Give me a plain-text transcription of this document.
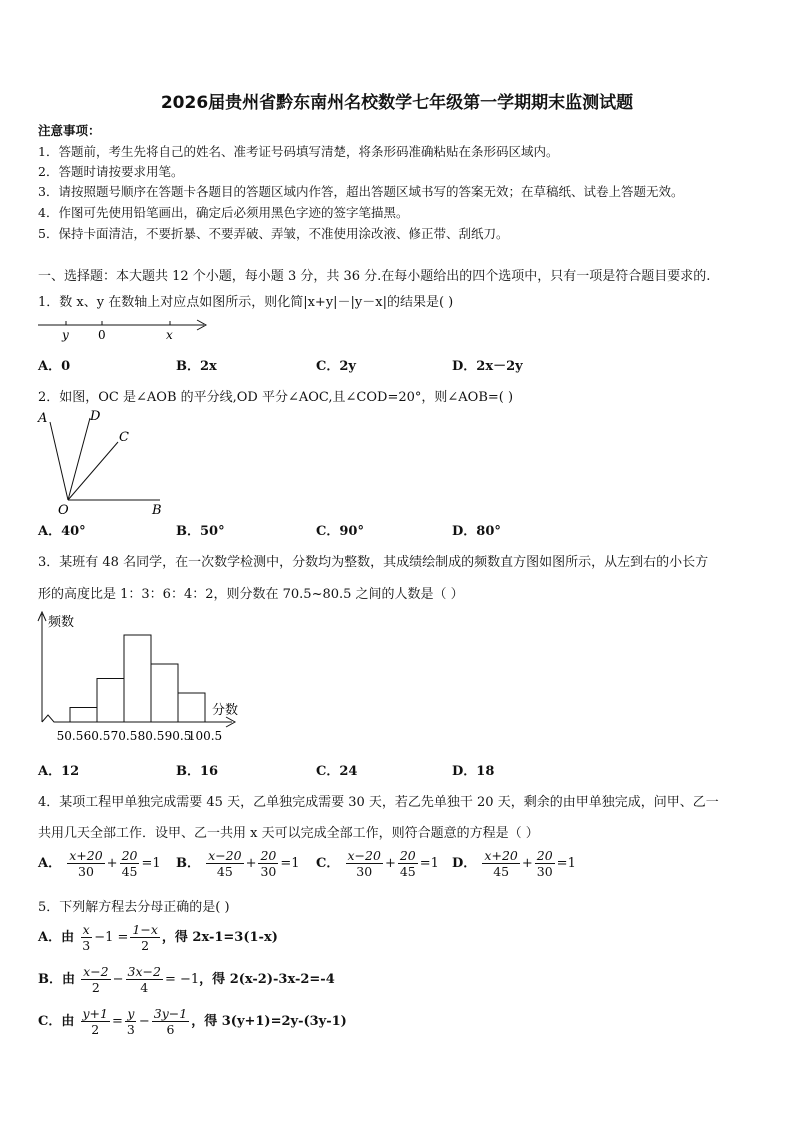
2026届贵州省黔东南州名校数学七年级第一学期期末监测试题
注意事项：
1．答题前，考生先将自己的姓名、准考证号码填写清楚，将条形码准确粘贴在条形码区域内。
2．答题时请按要求用笔。
3．请按照题号顺序在答题卡各题目的答题区域内作答，超出答题区域书写的答案无效；在草稿纸、试卷上答题无效。
4．作图可先使用铅笔画出，确定后必须用黑色字迹的签字笔描黑。
5．保持卡面清洁，不要折暴、不要弄破、弄皱，不准使用涂改液、修正带、刮纸刀。
一、选择题：本大题共 12 个小题，每小题 3 分，共 36 分.在每小题给出的四个选项中，只有一项是符合题目要求的.
1．数 x、y 在数轴上对应点如图所示，则化简|x+y|－|y－x|的结果是( )
y 0	x
A．0	B．2x	C．2y	D．2x－2y
2．如图，OC 是∠AOB 的平分线,OD 平分∠AOC,且∠COD=20°，则∠AOB=( )
A	D
C
O	B
A．40°	B．50°	C．90°	D．80°
3．某班有 48 名同学，在一次数学检测中，分数均为整数，其成绩绘制成的频数直方图如图所示，从左到右的小长方
形的高度比是 1：3：6：4：2，则分数在 70.5~80.5 之间的人数是（ ）
频数
分数
50.5 60.5 70.5 80.5 90.5
100.5
A．12	B．16	C．24	D．18
4．某项工程甲单独完成需要 45 天，乙单独完成需要 30 天，若乙先单独干 20 天，剩余的由甲单独完成，问甲、乙一
共用几天全部工作．设甲、乙一共用 x 天可以完成全部工作，则符合题意的方程是（ ）
A． $\frac{x+20}{30} + \frac{20}{45} =1$ B． $\frac{x-20}{45} + \frac{20}{30} =1$ C． $\frac{x-20}{30} + \frac{20}{45} =1$ D． $\frac{x+20}{45} + \frac{20}{30} =1$
5．下列解方程去分母正确的是( )
A．由 $\frac{x}{3} -1 = \frac{1-x}{2}$ ，得 2x-1=3(1-x)
B．由 $\frac{x-2}{2} - \frac{3x-2}{4} = -1$，得 2(x-2)-3x-2=-4
C．由 $\frac{y+1}{2} = \frac{y}{3} - \frac{3y-1}{6}$ ，得 3(y+1)=2y-(3y-1)
